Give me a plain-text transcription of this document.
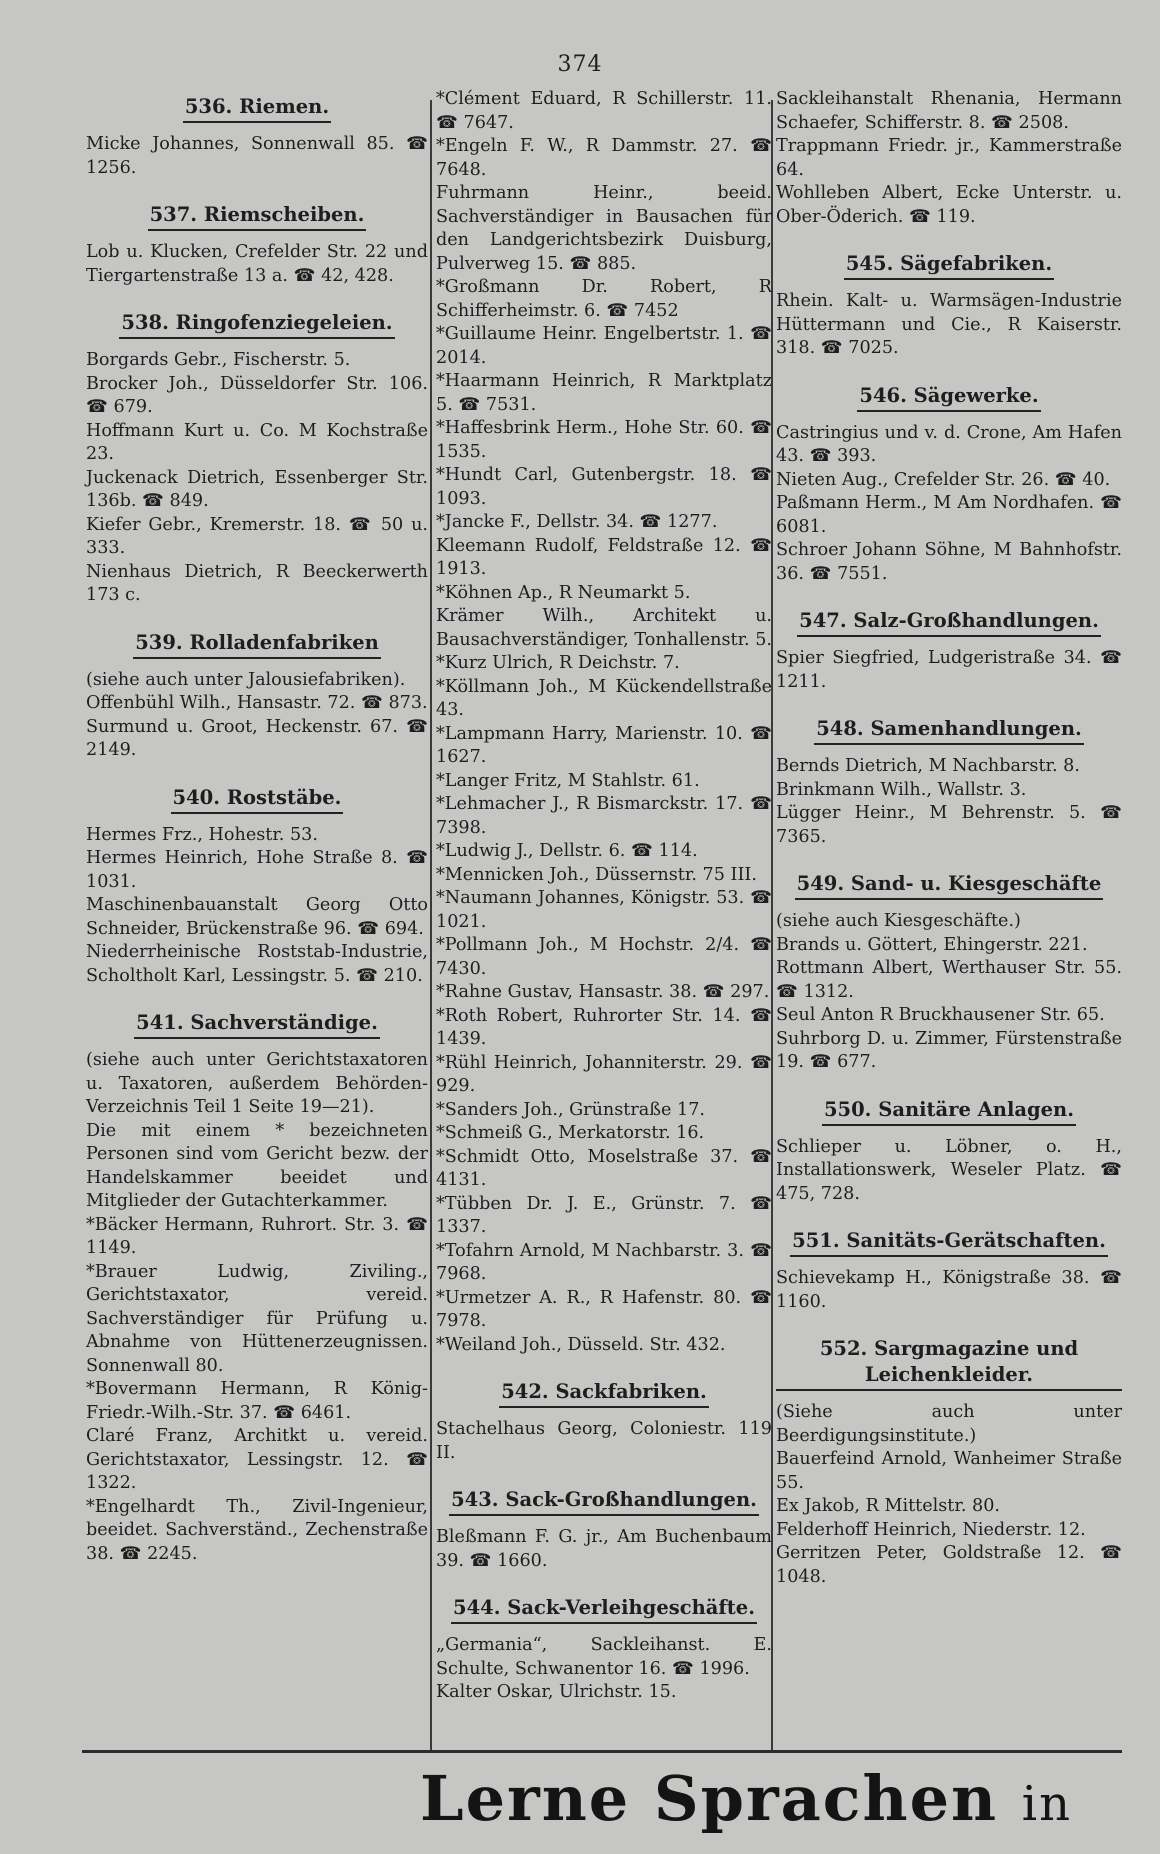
374
536. Riemen.
Micke Johannes, Sonnenwall 85. ☎ 1256.
537. Riemscheiben.
Lob u. Klucken, Crefelder Str. 22 und Tiergartenstraße 13 a. ☎ 42, 428.
538. Ringofenziegeleien.
Borgards Gebr., Fischerstr. 5.
Brocker Joh., Düsseldorfer Str. 106. ☎ 679.
Hoffmann Kurt u. Co. M Kochstraße 23.
Juckenack Dietrich, Essenberger Str. 136b. ☎ 849.
Kiefer Gebr., Kremerstr. 18. ☎ 50 u. 333.
Nienhaus Dietrich, R Beeckerwerth 173 c.
539. Rolladenfabriken
(siehe auch unter Jalousiefabriken).
Offenbühl Wilh., Hansastr. 72. ☎ 873.
Surmund u. Groot, Heckenstr. 67. ☎ 2149.
540. Roststäbe.
Hermes Frz., Hohestr. 53.
Hermes Heinrich, Hohe Straße 8. ☎ 1031.
Maschinenbauanstalt Georg Otto Schneider, Brückenstraße 96. ☎ 694.
Niederrheinische Roststab-Industrie, Scholtholt Karl, Lessingstr. 5. ☎ 210.
541. Sachverständige.
(siehe auch unter Gerichtstaxatoren u. Taxatoren, außerdem Behörden-Verzeichnis Teil 1 Seite 19—21).
Die mit einem * bezeichneten Personen sind vom Gericht bezw. der Handelskammer beeidet und Mitglieder der Gutachterkammer.
*Bäcker Hermann, Ruhrort. Str. 3. ☎ 1149.
*Brauer Ludwig, Ziviling., Gerichtstaxator, vereid. Sachverständiger für Prüfung u. Abnahme von Hüttenerzeugnissen. Sonnenwall 80.
*Bovermann Hermann, R König-Friedr.-Wilh.-Str. 37. ☎ 6461.
Claré Franz, Architkt u. vereid. Gerichtstaxator, Lessingstr. 12. ☎ 1322.
*Engelhardt Th., Zivil-Ingenieur, beeidet. Sachverständ., Zechenstraße 38. ☎ 2245.
*Clément Eduard, R Schillerstr. 11. ☎ 7647.
*Engeln F. W., R Dammstr. 27. ☎ 7648.
Fuhrmann Heinr., beeid. Sachverständiger in Bausachen für den Landgerichtsbezirk Duisburg, Pulverweg 15. ☎ 885.
*Großmann Dr. Robert, R Schifferheimstr. 6. ☎ 7452
*Guillaume Heinr. Engelbertstr. 1. ☎ 2014.
*Haarmann Heinrich, R Marktplatz 5. ☎ 7531.
*Haffesbrink Herm., Hohe Str. 60. ☎ 1535.
*Hundt Carl, Gutenbergstr. 18. ☎ 1093.
*Jancke F., Dellstr. 34. ☎ 1277.
Kleemann Rudolf, Feldstraße 12. ☎ 1913.
*Köhnen Ap., R Neumarkt 5.
Krämer Wilh., Architekt u. Bausachverständiger, Tonhallenstr. 5.
*Kurz Ulrich, R Deichstr. 7.
*Köllmann Joh., M Kückendellstraße 43.
*Lampmann Harry, Marienstr. 10. ☎ 1627.
*Langer Fritz, M Stahlstr. 61.
*Lehmacher J., R Bismarckstr. 17. ☎ 7398.
*Ludwig J., Dellstr. 6. ☎ 114.
*Mennicken Joh., Düssernstr. 75 III.
*Naumann Johannes, Königstr. 53. ☎ 1021.
*Pollmann Joh., M Hochstr. 2/4. ☎ 7430.
*Rahne Gustav, Hansastr. 38. ☎ 297.
*Roth Robert, Ruhrorter Str. 14. ☎ 1439.
*Rühl Heinrich, Johanniterstr. 29. ☎ 929.
*Sanders Joh., Grünstraße 17.
*Schmeiß G., Merkatorstr. 16.
*Schmidt Otto, Moselstraße 37. ☎ 4131.
*Tübben Dr. J. E., Grünstr. 7. ☎ 1337.
*Tofahrn Arnold, M Nachbarstr. 3. ☎ 7968.
*Urmetzer A. R., R Hafenstr. 80. ☎ 7978.
*Weiland Joh., Düsseld. Str. 432.
542. Sackfabriken.
Stachelhaus Georg, Coloniestr. 119 II.
543. Sack-Großhandlungen.
Bleßmann F. G. jr., Am Buchenbaum 39. ☎ 1660.
544. Sack-Verleihgeschäfte.
„Germania“, Sackleihanst. E. Schulte, Schwanentor 16. ☎ 1996.
Kalter Oskar, Ulrichstr. 15.
Sackleihanstalt Rhenania, Hermann Schaefer, Schifferstr. 8. ☎ 2508.
Trappmann Friedr. jr., Kammerstraße 64.
Wohlleben Albert, Ecke Unterstr. u. Ober-Öderich. ☎ 119.
545. Sägefabriken.
Rhein. Kalt- u. Warmsägen-Industrie Hüttermann und Cie., R Kaiserstr. 318. ☎ 7025.
546. Sägewerke.
Castringius und v. d. Crone, Am Hafen 43. ☎ 393.
Nieten Aug., Crefelder Str. 26. ☎ 40.
Paßmann Herm., M Am Nordhafen. ☎ 6081.
Schroer Johann Söhne, M Bahnhofstr. 36. ☎ 7551.
547. Salz-Großhandlungen.
Spier Siegfried, Ludgeristraße 34. ☎ 1211.
548. Samenhandlungen.
Bernds Dietrich, M Nachbarstr. 8.
Brinkmann Wilh., Wallstr. 3.
Lügger Heinr., M Behrenstr. 5. ☎ 7365.
549. Sand- u. Kiesgeschäfte
(siehe auch Kiesgeschäfte.)
Brands u. Göttert, Ehingerstr. 221.
Rottmann Albert, Werthauser Str. 55. ☎ 1312.
Seul Anton R Bruckhausener Str. 65.
Suhrborg D. u. Zimmer, Fürstenstraße 19. ☎ 677.
550. Sanitäre Anlagen.
Schlieper u. Löbner, o. H., Installationswerk, Weseler Platz. ☎ 475, 728.
551. Sanitäts-Gerätschaften.
Schievekamp H., Königstraße 38. ☎ 1160.
552. Sargmagazine und Leichenkleider.
(Siehe auch unter Beerdigungsinstitute.)
Bauerfeind Arnold, Wanheimer Straße 55.
Ex Jakob, R Mittelstr. 80.
Felderhoff Heinrich, Niederstr. 12.
Gerritzen Peter, Goldstraße 12. ☎ 1048.
Lerne Sprachen in
